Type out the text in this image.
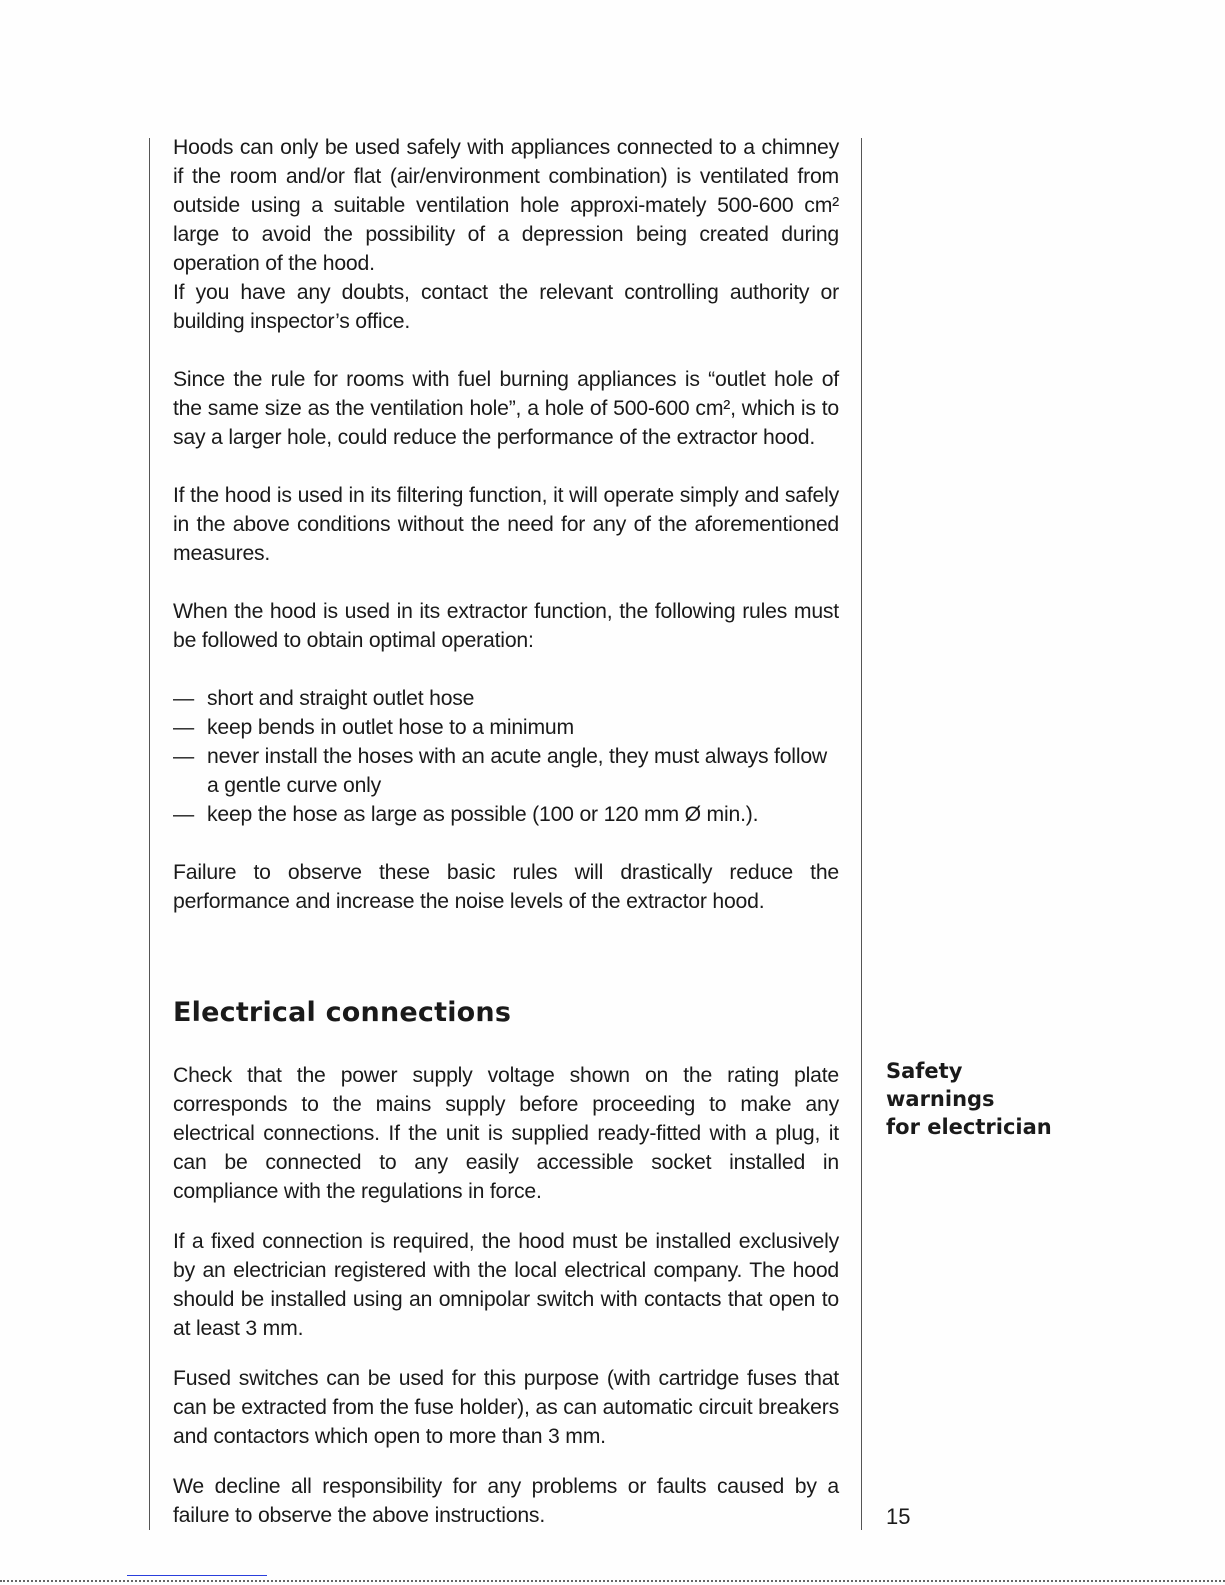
Hoods can only be used safely with appliances connected to a chimney if the room and/or flat (air/environment combination) is ventilated from outside using a suitable ventilation hole approxi-mately 500-600 cm² large to avoid the possibility of a depression being created during operation of the hood.

If you have any doubts, contact the relevant controlling authority or building inspector’s office.

Since the rule for rooms with fuel burning appliances is “outlet hole of the same size as the ventilation hole”, a hole of 500-600 cm², which is to say a larger hole, could reduce the performance of the extractor hood.

If the hood is used in its filtering function, it will operate simply and safely in the above conditions without the need for any of the aforementioned measures.

When the hood is used in its extractor function, the following rules must be followed to obtain optimal operation:

— short and straight outlet hose
— keep bends in outlet hose to a minimum
— never install the hoses with an acute angle, they must always follow a gentle curve only
— keep the hose as large as possible (100 or 120 mm Ø min.).

Failure to observe these basic rules will drastically reduce the performance and increase the noise levels of the extractor hood.

Electrical connections

Check that the power supply voltage shown on the rating plate corresponds to the mains supply before proceeding to make any electrical connections. If the unit is supplied ready-fitted with a plug, it can be connected to any easily accessible socket installed in compliance with the regulations in force.

If a fixed connection is required, the hood must be installed exclusively by an electrician registered with the local electrical company. The hood should be installed using an omnipolar switch with contacts that open to at least 3 mm.

Fused switches can be used for this purpose (with cartridge fuses that can be extracted from the fuse holder), as can automatic circuit breakers and contactors which open to more than 3 mm.

We decline all responsibility for any problems or faults caused by a failure to observe the above instructions.

Safety
warnings
for electrician
15
